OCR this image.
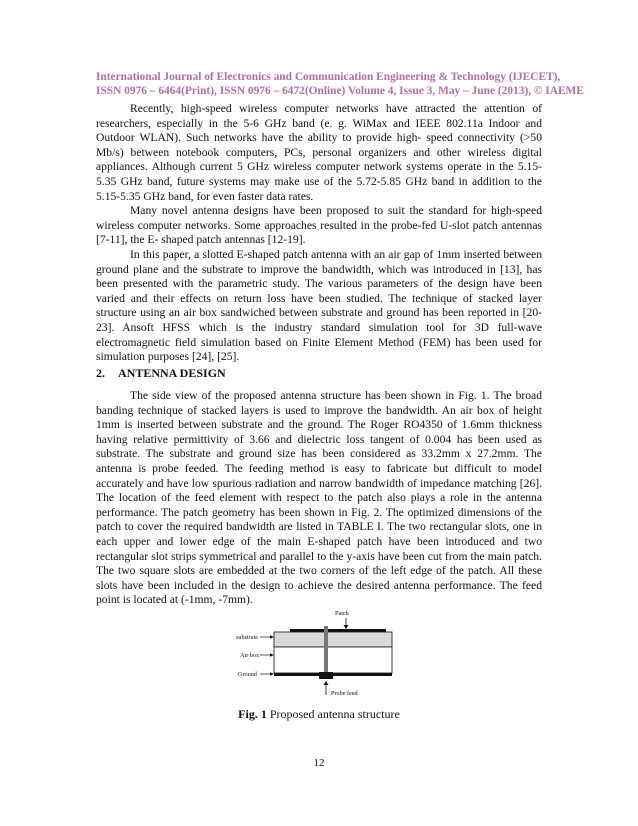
International Journal of Electronics and Communication Engineering & Technology (IJECET),
ISSN 0976 – 6464(Print), ISSN 0976 – 6472(Online) Volume 4, Issue 3, May – June (2013), © IAEME

Recently, high-speed wireless computer networks have attracted the attention of researchers, especially in the 5-6 GHz band (e. g. WiMax and IEEE 802.11a Indoor and Outdoor WLAN). Such networks have the ability to provide high- speed connectivity (>50 Mb/s) between notebook computers, PCs, personal organizers and other wireless digital appliances. Although current 5 GHz wireless computer network systems operate in the 5.15-5.35 GHz band, future systems may make use of the 5.72-5.85 GHz band in addition to the 5.15-5.35 GHz band, for even faster data rates.

Many novel antenna designs have been proposed to suit the standard for high-speed wireless computer networks. Some approaches resulted in the probe-fed U-slot patch antennas [7-11], the E- shaped patch antennas [12-19].

In this paper, a slotted E-shaped patch antenna with an air gap of 1mm inserted between ground plane and the substrate to improve the bandwidth, which was introduced in [13], has been presented with the parametric study. The various parameters of the design have been varied and their effects on return loss have been studied. The technique of stacked layer structure using an air box sandwiched between substrate and ground has been reported in [20-23]. Ansoft HFSS which is the industry standard simulation tool for 3D full-wave electromagnetic field simulation based on Finite Element Method (FEM) has been used for simulation purposes [24], [25].

2. ANTENNA DESIGN

The side view of the proposed antenna structure has been shown in Fig. 1. The broad banding technique of stacked layers is used to improve the bandwidth. An air box of height 1mm is inserted between substrate and the ground. The Roger RO4350 of 1.6mm thickness having relative permittivity of 3.66 and dielectric loss tangent of 0.004 has been used as substrate. The substrate and ground size has been considered as 33.2mm x 27.2mm. The antenna is probe feeded. The feeding method is easy to fabricate but difficult to model accurately and have low spurious radiation and narrow bandwidth of impedance matching [26]. The location of the feed element with respect to the patch also plays a role in the antenna performance. The patch geometry has been shown in Fig. 2. The optimized dimensions of the patch to cover the required bandwidth are listed in TABLE I. The two rectangular slots, one in each upper and lower edge of the main E-shaped patch have been introduced and two rectangular slot strips symmetrical and parallel to the y-axis have been cut from the main patch. The two square slots are embedded at the two corners of the left edge of the patch. All these slots have been included in the design to achieve the desired antenna performance. The feed point is located at (-1mm, -7mm).

Patch
substrate
Air box
Ground
Probe feed
Fig. 1 Proposed antenna structure
12
